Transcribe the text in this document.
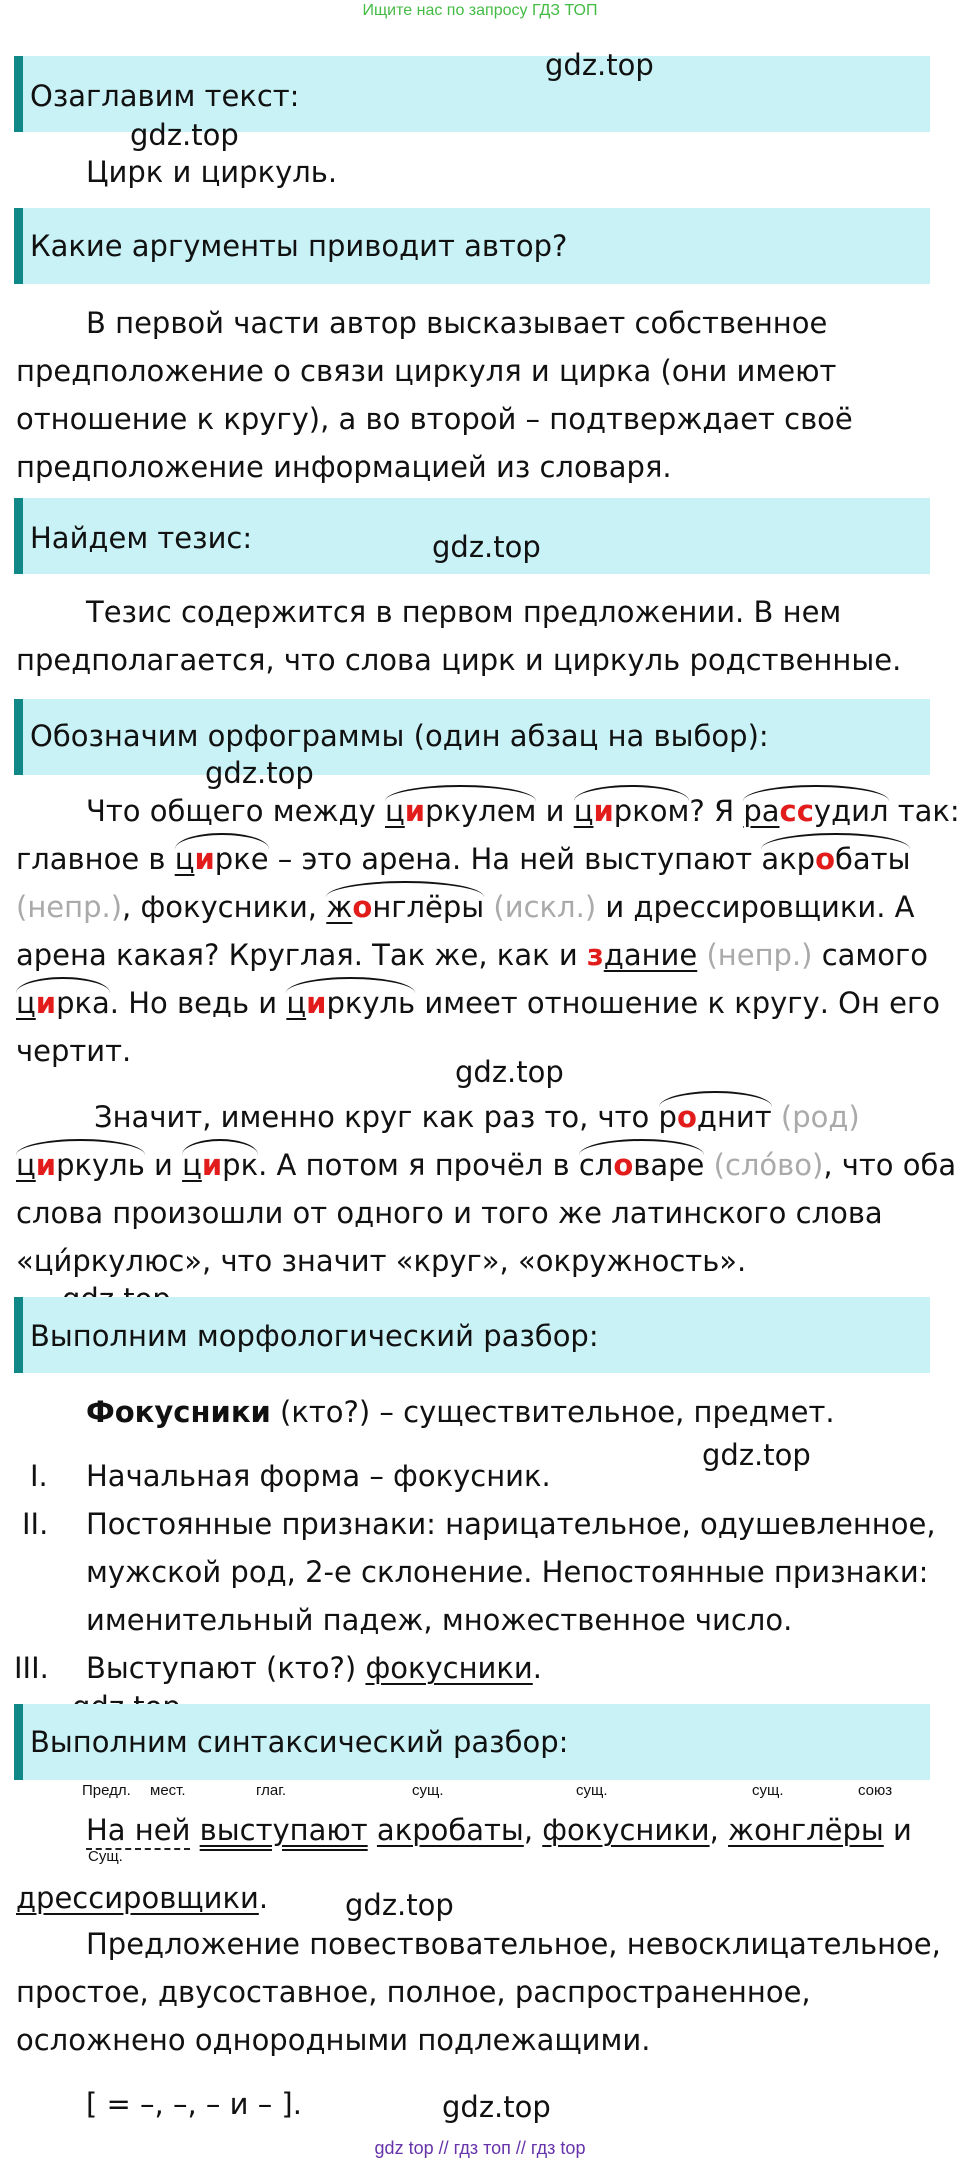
Ищите нас по запросу ГДЗ ТОП
Озаглавим текст:
gdz.top
gdz.top
Цирк и циркуль.
Какие аргументы приводит автор?
В первой части автор высказывает собственное
предположение о связи циркуля и цирка (они имеют
отношение к кругу), а во второй – подтверждает своё
предположение информацией из словаря.
Найдем тезис:	gdz.top
Тезис содержится в первом предложении. В нем
предполагается, что слова цирк и циркуль родственные.
Обозначим орфограммы (один абзац на выбор):
gdz.top
Что общего между циркулем и цирком? Я рассудил так:
главное в цирке – это арена. На ней выступают акробаты
(непр.), фокусники, жонглёры (искл.) и дрессировщики. А
арена какая? Круглая. Так же, как и здание (непр.) самого
цирка. Но ведь и циркуль имеет отношение к кругу. Он его
чертит.
gdz.top
Значит, именно круг как раз то, что роднит (род)
циркуль и цирк. А потом я прочёл в словаре (сло́во), что оба
слова произошли от одного и того же латинского слова
«ци́ркулюс», что значит «круг», «окружность».
Выполним морфологический разбор:
Фокусники (кто?) – существительное, предмет.
gdz.top
I. Начальная форма – фокусник.
II. Постоянные признаки: нарицательное, одушевленное,
мужской род, 2-е склонение. Непостоянные признаки:
именительный падеж, множественное число.
III. Выступают (кто?) фокусники.
Выполним синтаксический разбор:
Предл. мест.	глаг.	сущ.	сущ.	сущ.	союз
Сущ.
На ней выступают акробаты, фокусники, жонглёры и
дрессировщики.	gdz.top
Предложение повествовательное, невосклицательное,
простое, двусоставное, полное, распространенное,
осложнено однородными подлежащими.
[ = –, –, – и – ].	gdz.top
gdz top // гдз топ // гдз top
